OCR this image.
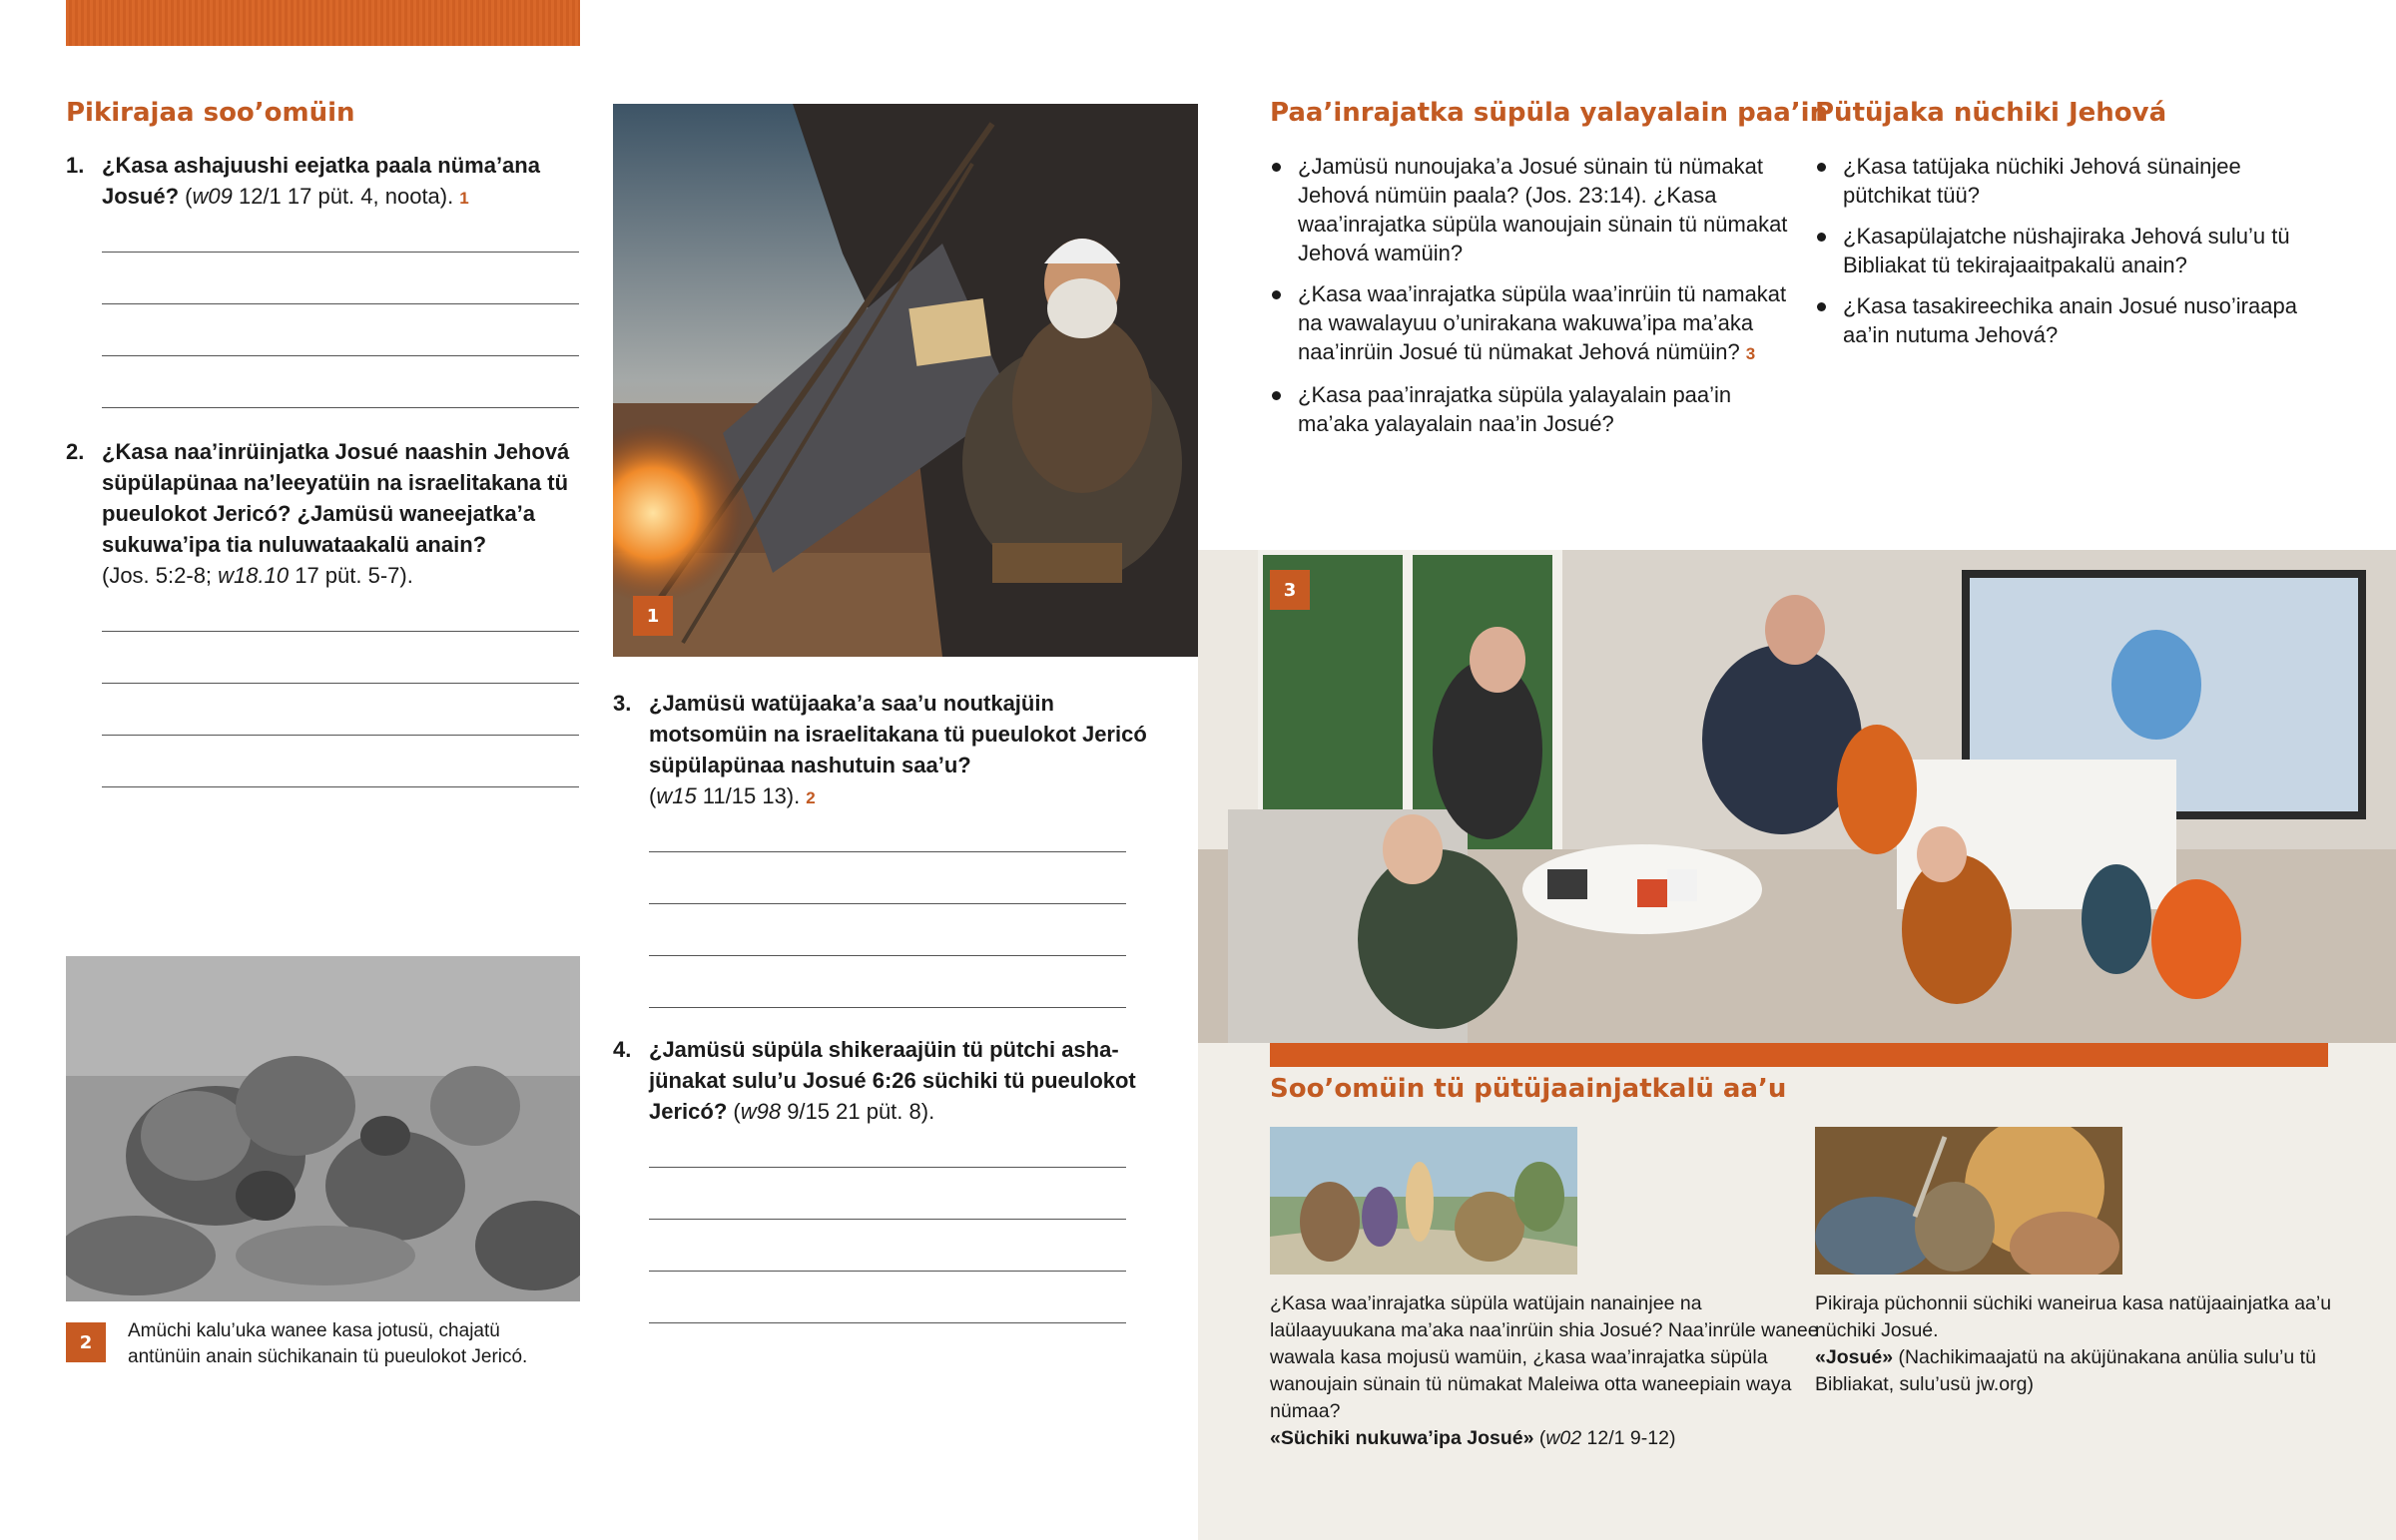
Pikirajaa soo’omüin
1. ¿Kasa ashajuushi eejatka paala nüma’ana Josué? (w09 12/1 17 püt. 4, noota). 1
2. ¿Kasa naa’inrüinjatka Josué naashin Jehová süpülapünaa na’leeyatüin na israelitakana tü pueulokot Jericó? ¿Jamüsü waneejatka’a sukuwa’ipa tia nuluwataakalü anain?
(Jos. 5:2-8; w18.10 17 püt. 5-7).
2
Amüchi kalu’uka wanee kasa jotusü, chajatü antünüin anain süchikanain tü pueulokot Jericó.
1
3. ¿Jamüsü watüjaaka’a saa’u noutkajüin motsomüin na israelitakana tü pueulokot Jericó süpülapünaa nashutuin saa’u?
(w15 11/15 13). 2
4. ¿Jamüsü süpüla shikeraajüin tü pütchi asha-jünakat sulu’u Josué 6:26 süchiki tü pueulokot Jericó? (w98 9/15 21 püt. 8).
Paa’inrajatka süpüla yalayalain paa’in
¿Jamüsü nunoujaka’a Josué sünain tü nümakat Jehová nümüin paala? (Jos. 23:14). ¿Kasa waa’inrajatka süpüla wanoujain sünain tü nümakat Jehová wamüin?
¿Kasa waa’inrajatka süpüla waa’inrüin tü namakat na wawalayuu o’unirakana wakuwa’ipa ma’aka naa’inrüin Josué tü nümakat Jehová nümüin? 3
¿Kasa paa’inrajatka süpüla yalayalain paa’in ma’aka yalayalain naa’in Josué?
Pütüjaka nüchiki Jehová
¿Kasa tatüjaka nüchiki Jehová sünainjee pütchikat tüü?
¿Kasapülajatche nüshajiraka Jehová sulu’u tü Bibliakat tü tekirajaaitpakalü anain?
¿Kasa tasakireechika anain Josué nuso’iraapa aa’in nutuma Jehová?
3
Soo’omüin tü pütüjaainjatkalü aa’u
¿Kasa waa’inrajatka süpüla watüjain nanainjee na laülaayuukana ma’aka naa’inrüin shia Josué? Naa’inrüle wanee wawala kasa mojusü wamüin, ¿kasa waa’inrajatka süpüla wanoujain sünain tü nümakat Maleiwa otta waneepiain waya nümaa?
«Süchiki nukuwa’ipa Josué» (w02 12/1 9-12)
Pikiraja püchonnii süchiki waneirua kasa natüjaainjatka aa’u nüchiki Josué.
«Josué» (Nachikimaajatü na aküjünakana anülia sulu’u tü Bibliakat, sulu’usü jw.org)
